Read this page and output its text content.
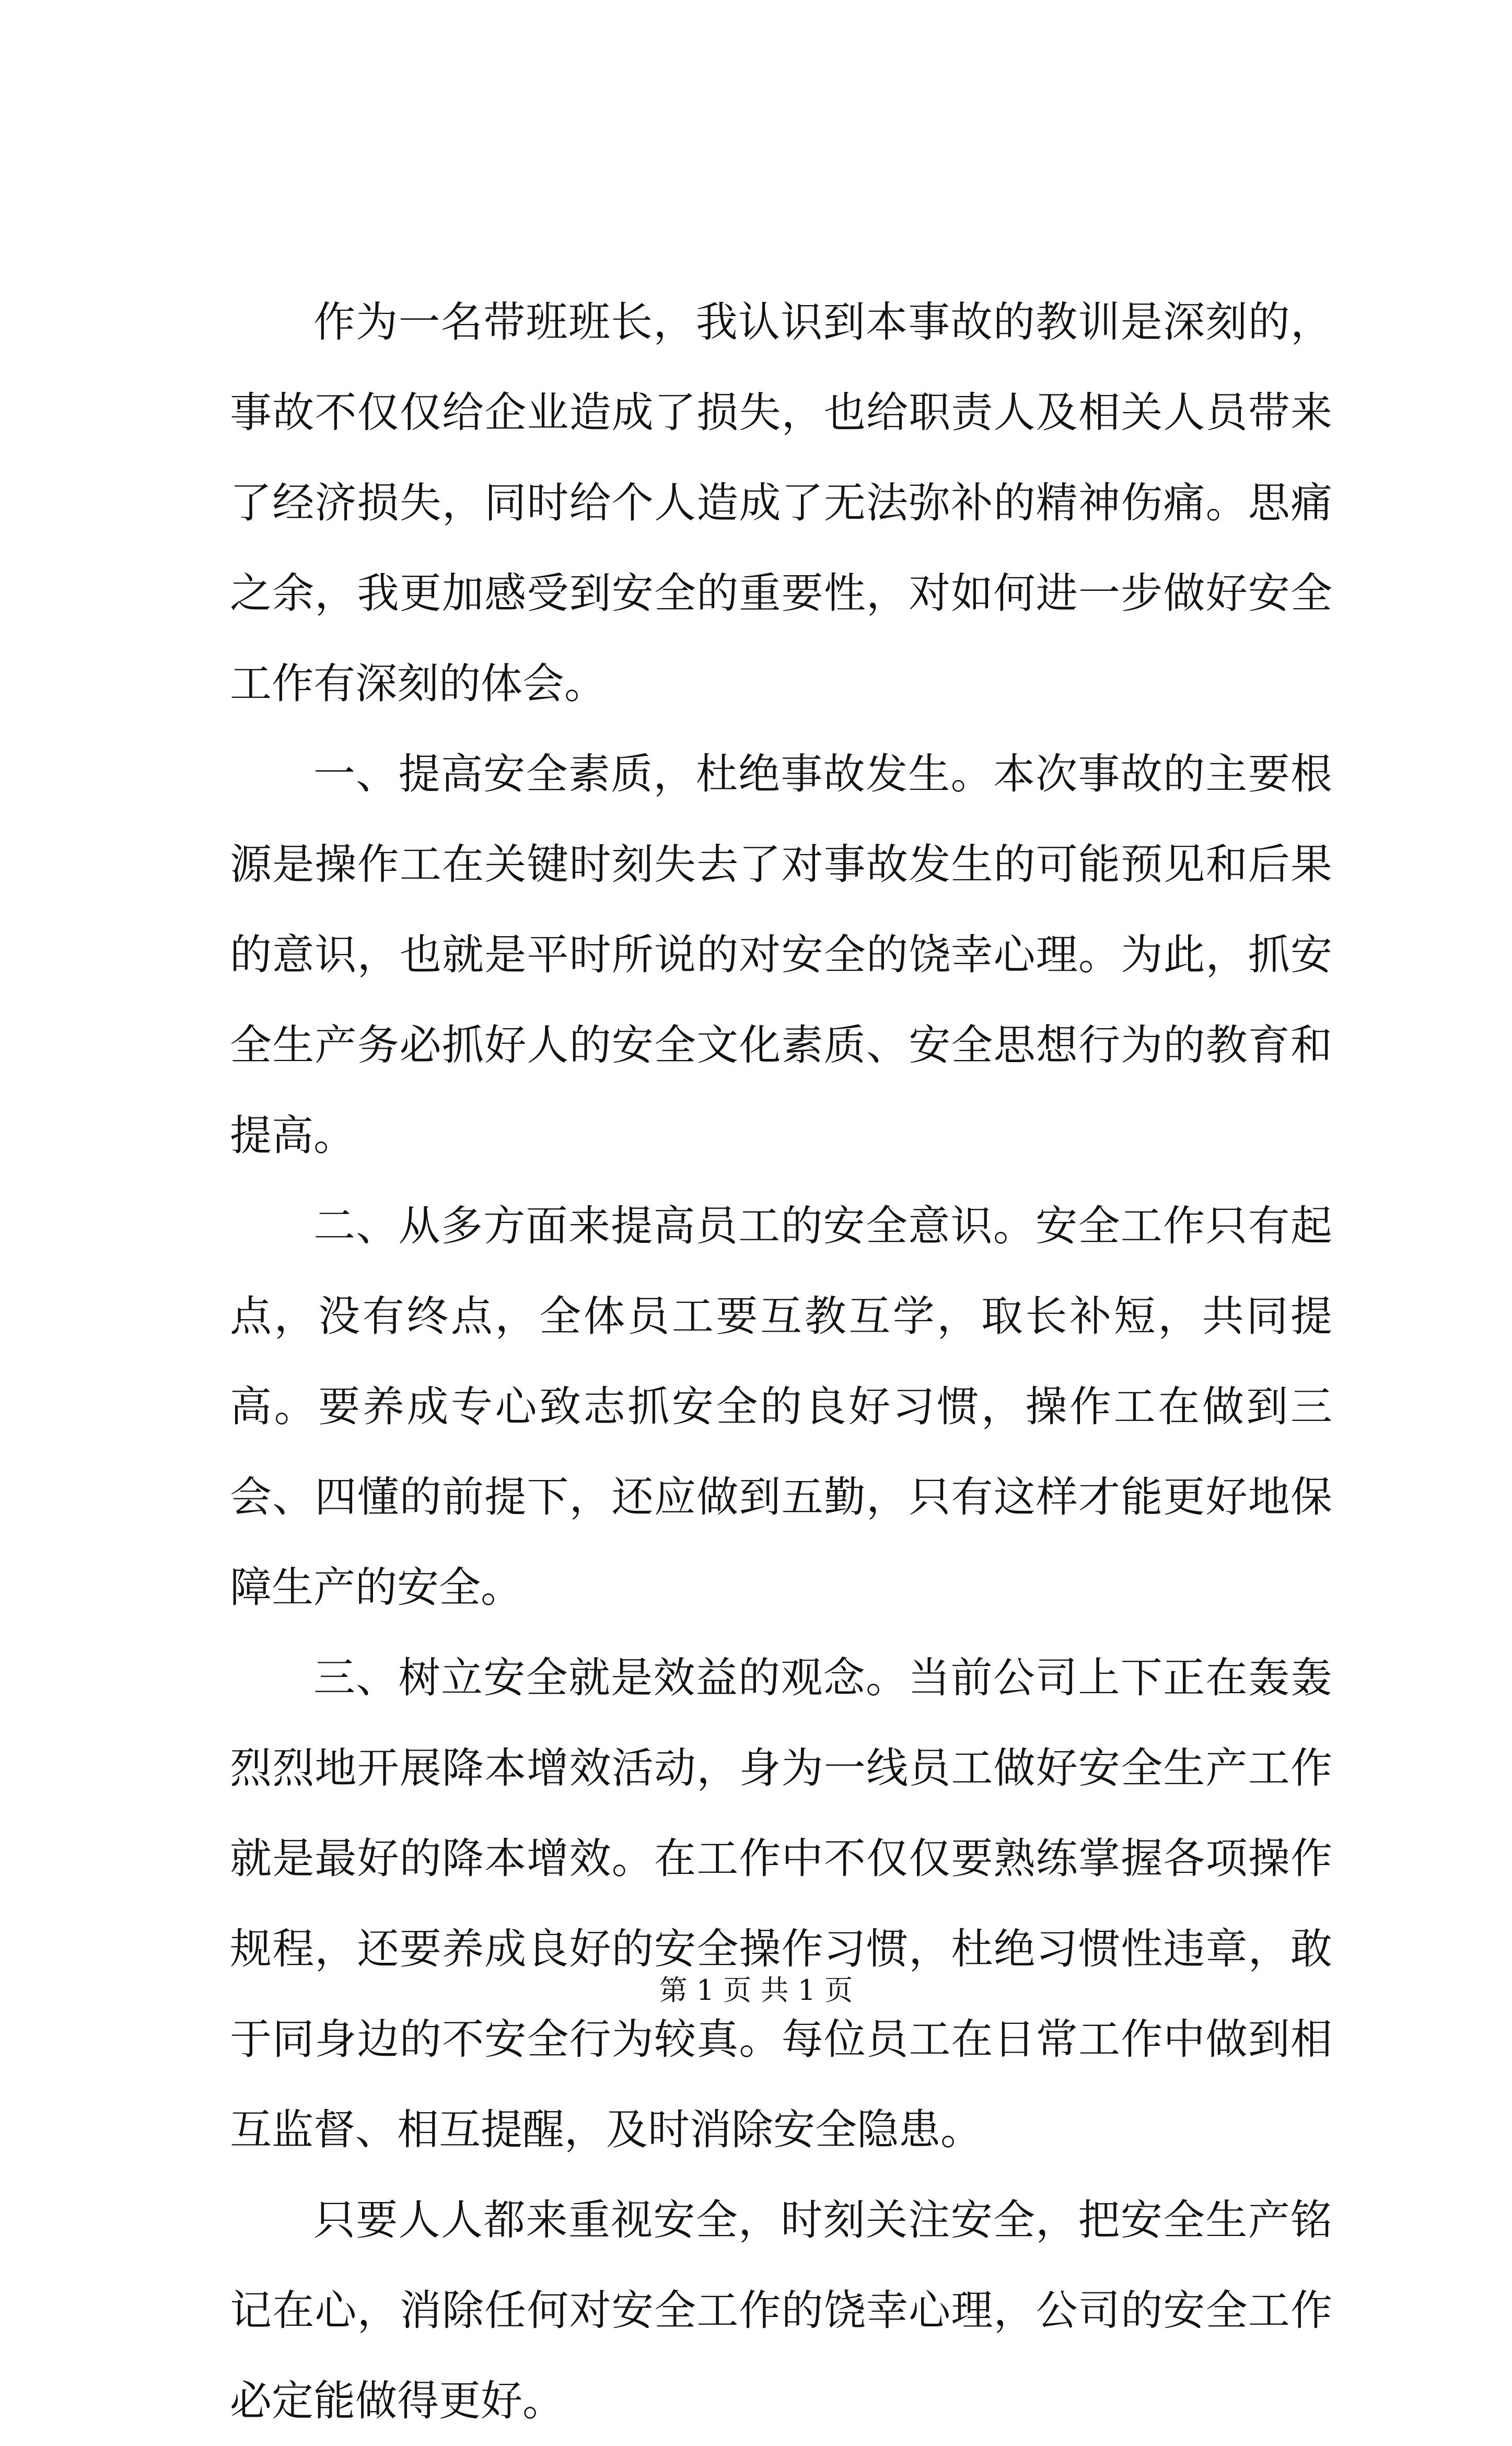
作为一名带班班长，我认识到本事故的教训是深刻的，事故不仅仅给企业造成了损失，也给职责人及相关人员带来了经济损失，同时给个人造成了无法弥补的精神伤痛。思痛之余，我更加感受到安全的重要性，对如何进一步做好安全工作有深刻的体会。

一、提高安全素质，杜绝事故发生。本次事故的主要根源是操作工在关键时刻失去了对事故发生的可能预见和后果的意识，也就是平时所说的对安全的饶幸心理。为此，抓安全生产务必抓好人的安全文化素质、安全思想行为的教育和提高。

二、从多方面来提高员工的安全意识。安全工作只有起点，没有终点，全体员工要互教互学，取长补短，共同提高。要养成专心致志抓安全的良好习惯，操作工在做到三会、四懂的前提下，还应做到五勤，只有这样才能更好地保障生产的安全。

三、树立安全就是效益的观念。当前公司上下正在轰轰烈烈地开展降本增效活动，身为一线员工做好安全生产工作就是最好的降本增效。在工作中不仅仅要熟练掌握各项操作规程，还要养成良好的安全操作习惯，杜绝习惯性违章，敢于同身边的不安全行为较真。每位员工在日常工作中做到相互监督、相互提醒，及时消除安全隐患。

只要人人都来重视安全，时刻关注安全，把安全生产铭记在心，消除任何对安全工作的饶幸心理，公司的安全工作必定能做得更好。

第 1 页 共 1 页
